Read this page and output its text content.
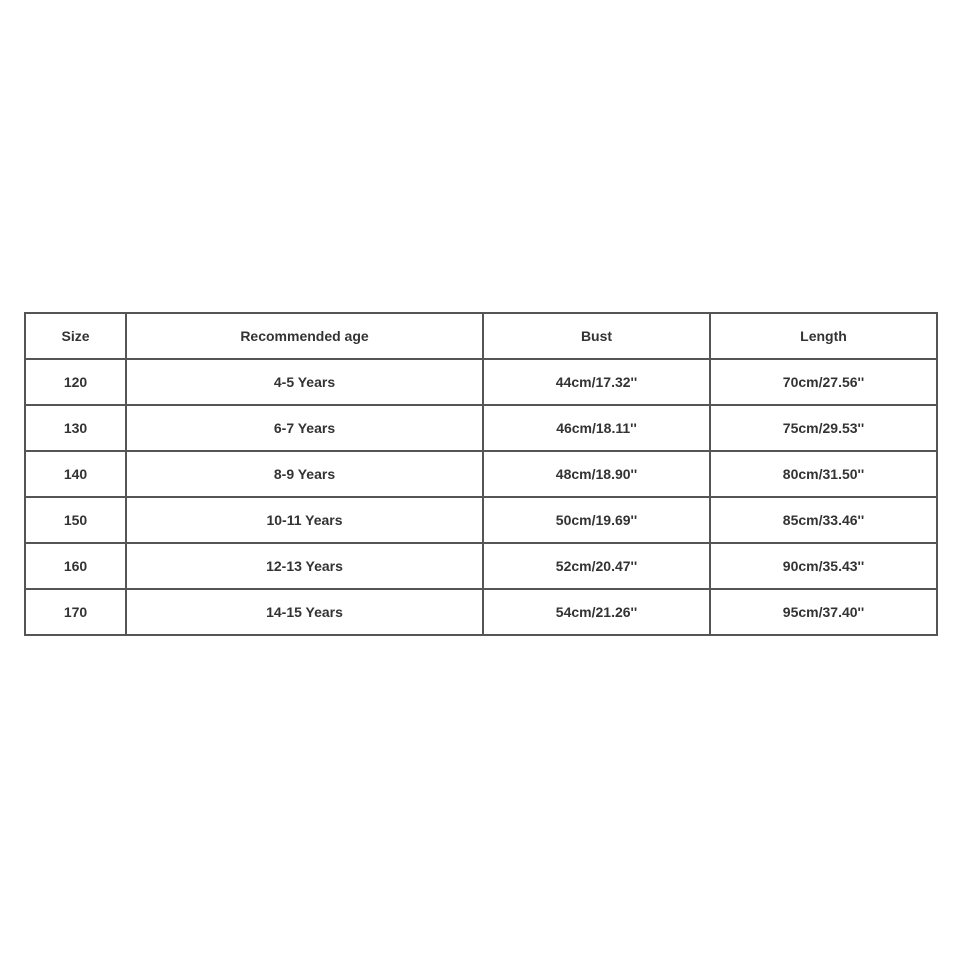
Size	Recommended age	Bust	Length
120	4-5 Years	44cm/17.32''	70cm/27.56''
130	6-7 Years	46cm/18.11''	75cm/29.53''
140	8-9 Years	48cm/18.90''	80cm/31.50''
150	10-11 Years	50cm/19.69''	85cm/33.46''
160	12-13 Years	52cm/20.47''	90cm/35.43''
170	14-15 Years	54cm/21.26''	95cm/37.40''
